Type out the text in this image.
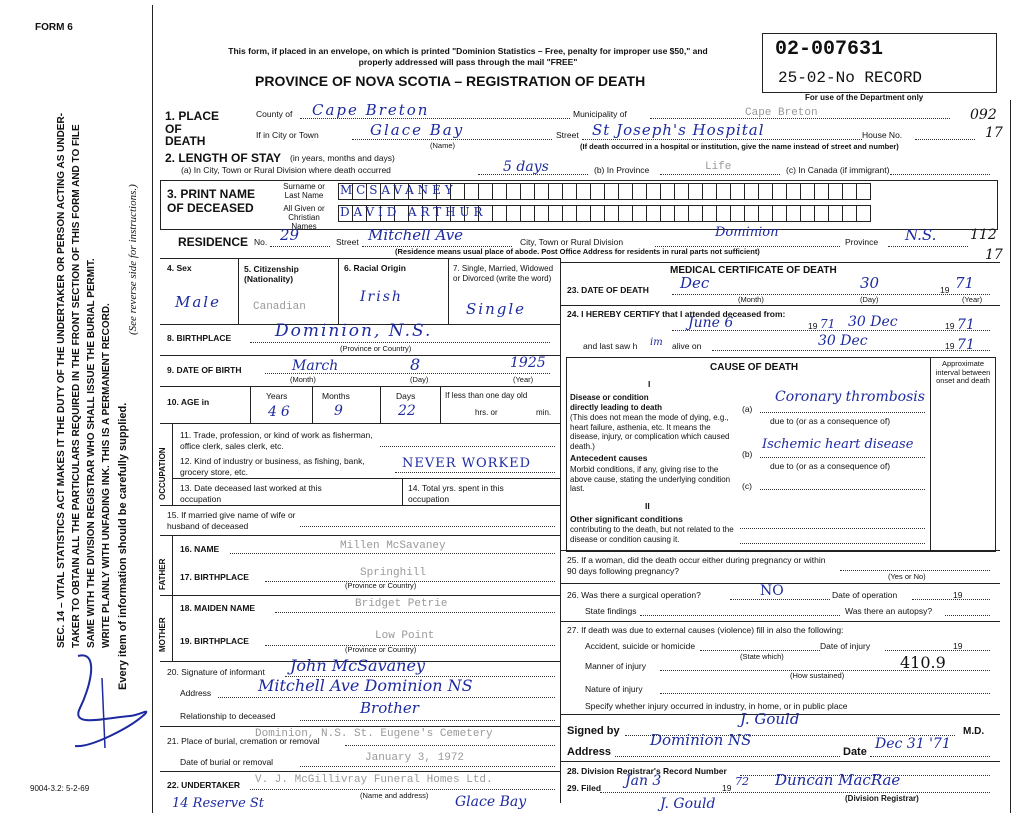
FORM 6
SEC. 14 – VITAL STATISTICS ACT MAKES IT THE DUTY OF THE UNDERTAKER OR PERSON ACTING AS UNDER- TAKER TO OBTAIN ALL THE PARTICULARS REQUIRED IN THE FRONT SECTION OF THIS FORM AND TO FILE SAME WITH THE DIVISION REGISTRAR WHO SHALL ISSUE THE BURIAL PERMIT. WRITE PLAINLY WITH UNFADING INK. THIS IS A PERMANENT RECORD. Every item of information should be carefully supplied.
(See reverse side for instructions.)
9004-3.2: 5-2-69
This form, if placed in an envelope, on which is printed "Dominion Statistics – Free, penalty for improper use $50," and properly addressed will pass through the mail "FREE"
PROVINCE OF NOVA SCOTIA – REGISTRATION OF DEATH
02-007631
25-02-No RECORD
For use of the Department only
092
17
112
17
1. PLACE OF DEATH
County of Cape Breton	Municipality of	Cape Breton
If in City or Town	Glace Bay
(Name)
Street St Joseph's Hospital	House No.
(If death occurred in a hospital or institution, give the name instead of street and number)
2. LENGTH OF STAY (in years, months and days)
(a) In City, Town or Rural Division where death occurred	5 days	(b) In Province	Life	(c) In Canada (if immigrant)
3. PRINT NAME OF DECEASED
Surname or Last Name
All Given or Christian Names
MCSAVANEY
DAVID ARTHUR
RESIDENCE No. 29	Street Mitchell Ave	City, Town or Rural Division
Dominion
Province N.S.
(Residence means usual place of abode. Post Office Address for residents in rural parts not sufficient)
4. Sex
Male
5. Citizenship (Nationality)
Canadian
6. Racial Origin
Irish
7. Single, Married, Widowed or Divorced (write the word)
Single
8. BIRTHPLACE	Dominion, N.S.
(Province or Country)
9. DATE OF BIRTH	March	8	1925
(Month)	(Day)	(Year)
10. AGE in
Years	Months	Days
46	9	22
If less than one day old
hrs. or	min.
OCCUPATION
11. Trade, profession, or kind of work as fisherman, office clerk, sales clerk, etc.
12. Kind of industry or business, as fishing, bank, grocery store, etc.
NEVER WORKED
13. Date deceased last worked at this occupation
14. Total yrs. spent in this occupation
15. If married give name of wife or husband of deceased
FATHER
16. NAME	Millen McSavaney
17. BIRTHPLACE	Springhill
(Province or Country)
MOTHER
18. MAIDEN NAME	Bridget Petrie
19. BIRTHPLACE	Low Point
(Province or Country)
20. Signature of informant John McSavaney
Address	Mitchell Ave Dominion NS
Relationship to deceased	Brother
21. Place of burial, cremation or removal
Dominion, N.S. St. Eugene's Cemetery
Date of burial or removal	January 3, 1972
22. UNDERTAKER V. J. McGillivray Funeral Homes Ltd.
(Name and address)
14 Reserve St	Glace Bay
MEDICAL CERTIFICATE OF DEATH
23. DATE OF DEATH Dec	30	19 71
(Month)	(Day)	(Year)
24. I HEREBY CERTIFY that I attended deceased from:
June 6	19 71 30 Dec	19 71
and last saw h im alive on	30 Dec	19 71
CAUSE OF DEATH	Approximate interval between onset and death
I
Disease or condition directly leading to death
(This does not mean the mode of dying, e.g., heart failure, asthenia, etc. It means the disease, injury, or complication which caused death.)
(a)
Coronary thrombosis
due to (or as a consequence of)
Antecedent causes
Morbid conditions, if any, giving rise to the above cause, stating the underlying condition last.
(b)
Ischemic heart disease
due to (or as a consequence of)
(c)
II
Other significant conditions
contributing to the death, but not related to the disease or condition causing it.
25. If a woman, did the death occur either during pregnancy or within 90 days following pregnancy?
(Yes or No)
26. Was there a surgical operation?	NO	Date of operation	19
State findings	Was there an autopsy?
27. If death was due to external causes (violence) fill in also the following:
Accident, suicide or homicide
(State which)
Date of injury	19
Manner of injury	410.9
(How sustained)
Nature of injury
Specify whether injury occurred in industry, in home, or in public place
Signed by
J. Gould
M.D.
Address
Dominion NS
Date Dec 31 '71
28. Division Registrar's Record Number
29. Filed Jan 3	19 72 Duncan MacRae
(Division Registrar)
J. Gould
